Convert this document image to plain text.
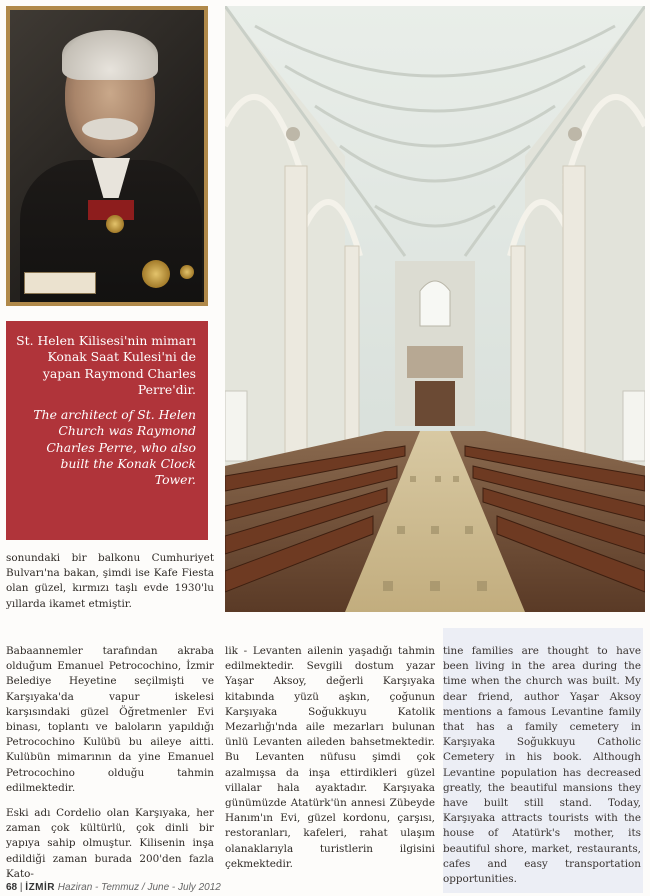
St. Helen Kilisesi'nin mimarı Konak Saat Kulesi'ni de yapan Raymond Charles Perre'dir.

The architect of St. Helen Church was Raymond Charles Perre, who also built the Konak Clock Tower.

sonundaki bir balkonu Cumhuriyet Bulvarı'na bakan, şimdi ise Kafe Fiesta olan güzel, kırmızı taşlı evde 1930'lu yıllarda ikamet etmiştir.

Babaannemler tarafından akraba olduğum Emanuel Petrocochino, İzmir Belediye Heyetine seçilmişti ve Karşıyaka'da vapur iskelesi karşısındaki güzel Öğretmenler Evi binası, toplantı ve baloların yapıldığı Petrocochino Kulübü bu aileye aitti. Kulübün mimarının da yine Emanuel Petrocochino olduğu tahmin edilmektedir.

Eski adı Cordelio olan Karşıyaka, her zaman çok kültürlü, çok dinli bir yapıya sahip olmuştur. Kilisenin inşa edildiği zaman burada 200'den fazla Kato-

lik - Levanten ailenin yaşadığı tahmin edilmektedir. Sevgili dostum yazar Yaşar Aksoy, değerli Karşıyaka kitabında yüzü aşkın, çoğunun Karşıyaka Soğukkuyu Katolik Mezarlığı'nda aile mezarları bulunan ünlü Levanten aileden bahsetmektedir. Bu Levanten nüfusu şimdi çok azalmışsa da inşa ettirdikleri güzel villalar hala ayaktadır. Karşıyaka günümüzde Atatürk'ün annesi Zübeyde Hanım'ın Evi, güzel kordonu, çarşısı, restoranları, kafeleri, rahat ulaşım olanaklarıyla turistlerin ilgisini çekmektedir.

tine families are thought to have been living in the area during the time when the church was built. My dear friend, author Yaşar Aksoy mentions a famous Levantine family that has a family cemetery in Karşıyaka Soğukkuyu Catholic Cemetery in his book. Although Levantine population has decreased greatly, the beautiful mansions they have built still stand. Today, Karşıyaka attracts tourists with the house of Atatürk's mother, its beautiful shore, market, restaurants, cafes and easy transportation opportunities.

68 | İZMİR Haziran - Temmuz / June - July 2012
